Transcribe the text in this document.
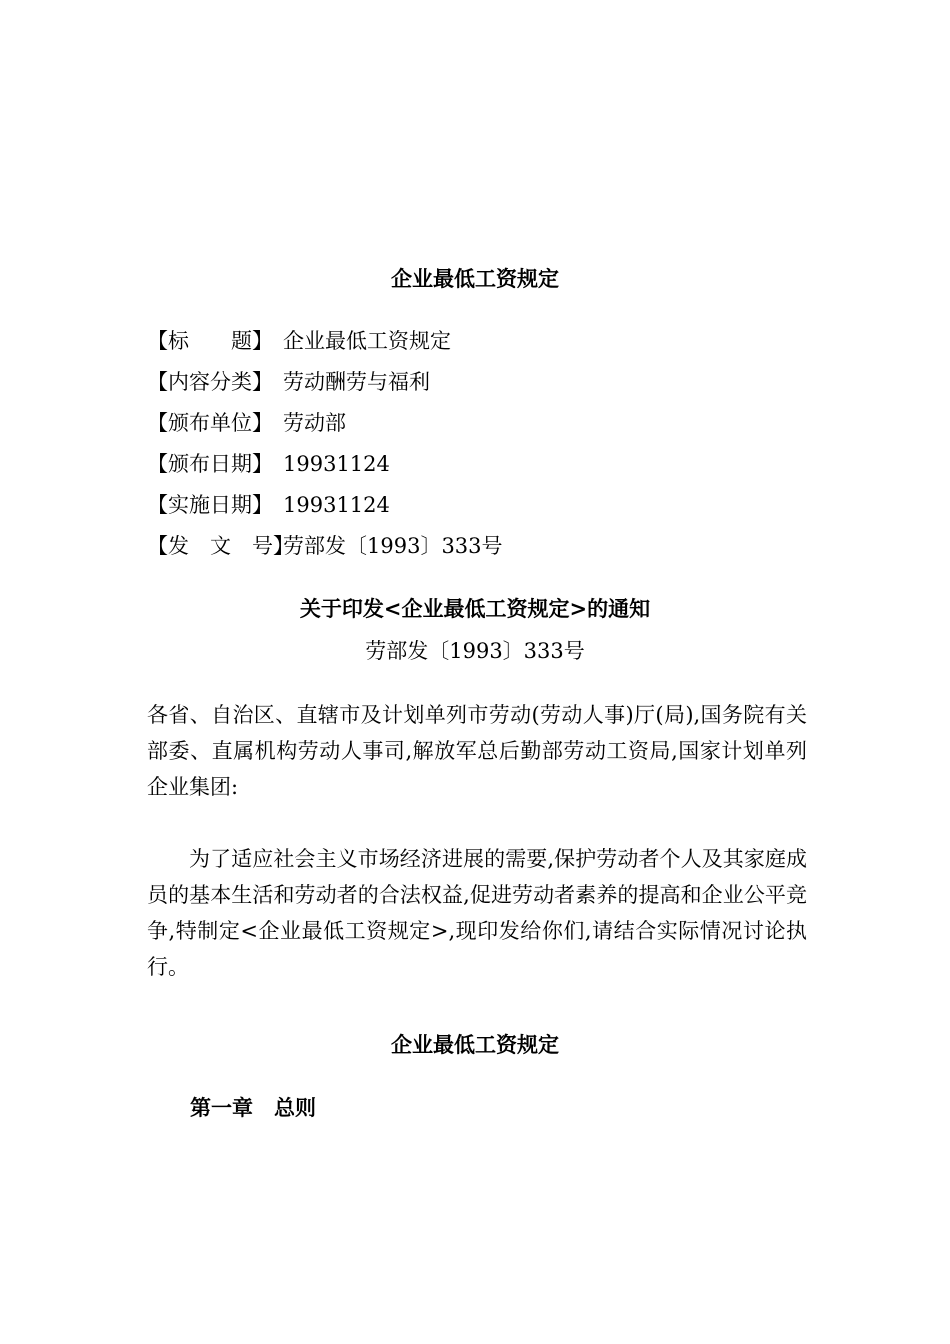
企业最低工资规定
【标　　题】 企业最低工资规定
【内容分类】 劳动酬劳与福利
【颁布单位】 劳动部
【颁布日期】 19931124
【实施日期】 19931124
【发　文　号】劳部发〔1993〕333号
关于印发<企业最低工资规定>的通知
劳部发〔1993〕333号

各省、自治区、直辖市及计划单列市劳动(劳动人事)厅(局),国务院有关部委、直属机构劳动人事司,解放军总后勤部劳动工资局,国家计划单列企业集团:

为了适应社会主义市场经济进展的需要,保护劳动者个人及其家庭成员的基本生活和劳动者的合法权益,促进劳动者素养的提高和企业公平竞争,特制定<企业最低工资规定>,现印发给你们,请结合实际情况讨论执行。

企业最低工资规定
第一章　总则
